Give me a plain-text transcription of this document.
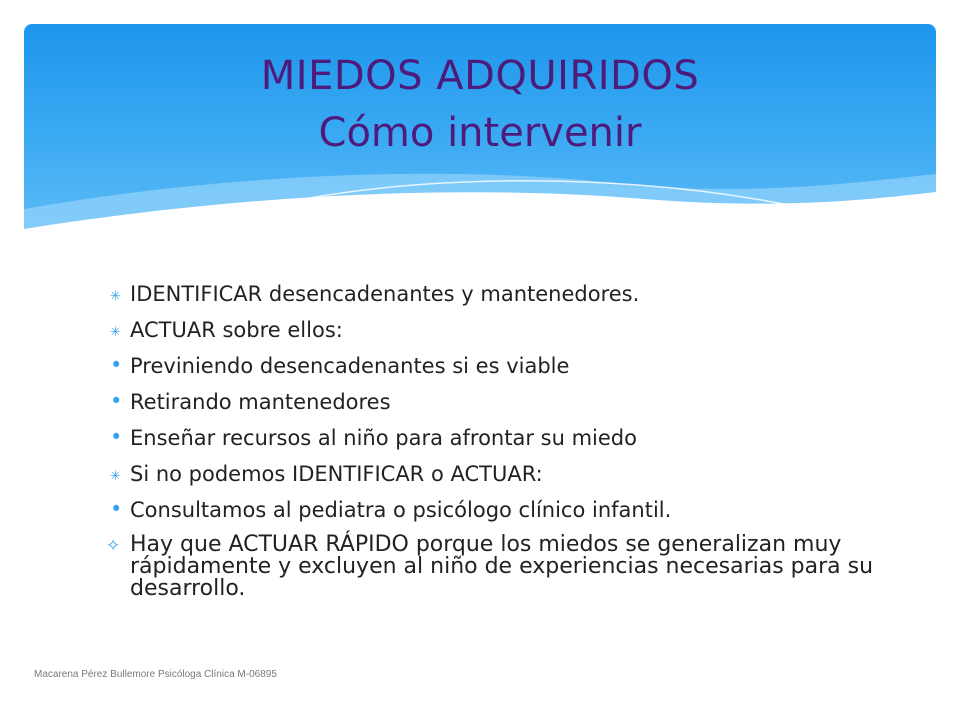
MIEDOS ADQUIRIDOS
Cómo intervenir
✳ IDENTIFICAR desencadenantes y mantenedores.
✳ ACTUAR sobre ellos:
• Previniendo desencadenantes si es viable
• Retirando mantenedores
• Enseñar recursos al niño para afrontar su miedo
✳ Si no podemos IDENTIFICAR o ACTUAR:
• Consultamos al pediatra o psicólogo clínico infantil.
✧ Hay que ACTUAR RÁPIDO porque los miedos se generalizan muy rápidamente y excluyen al niño de experiencias necesarias para su desarrollo.
Macarena Pérez Bullemore Psicóloga Clínica M-06895
